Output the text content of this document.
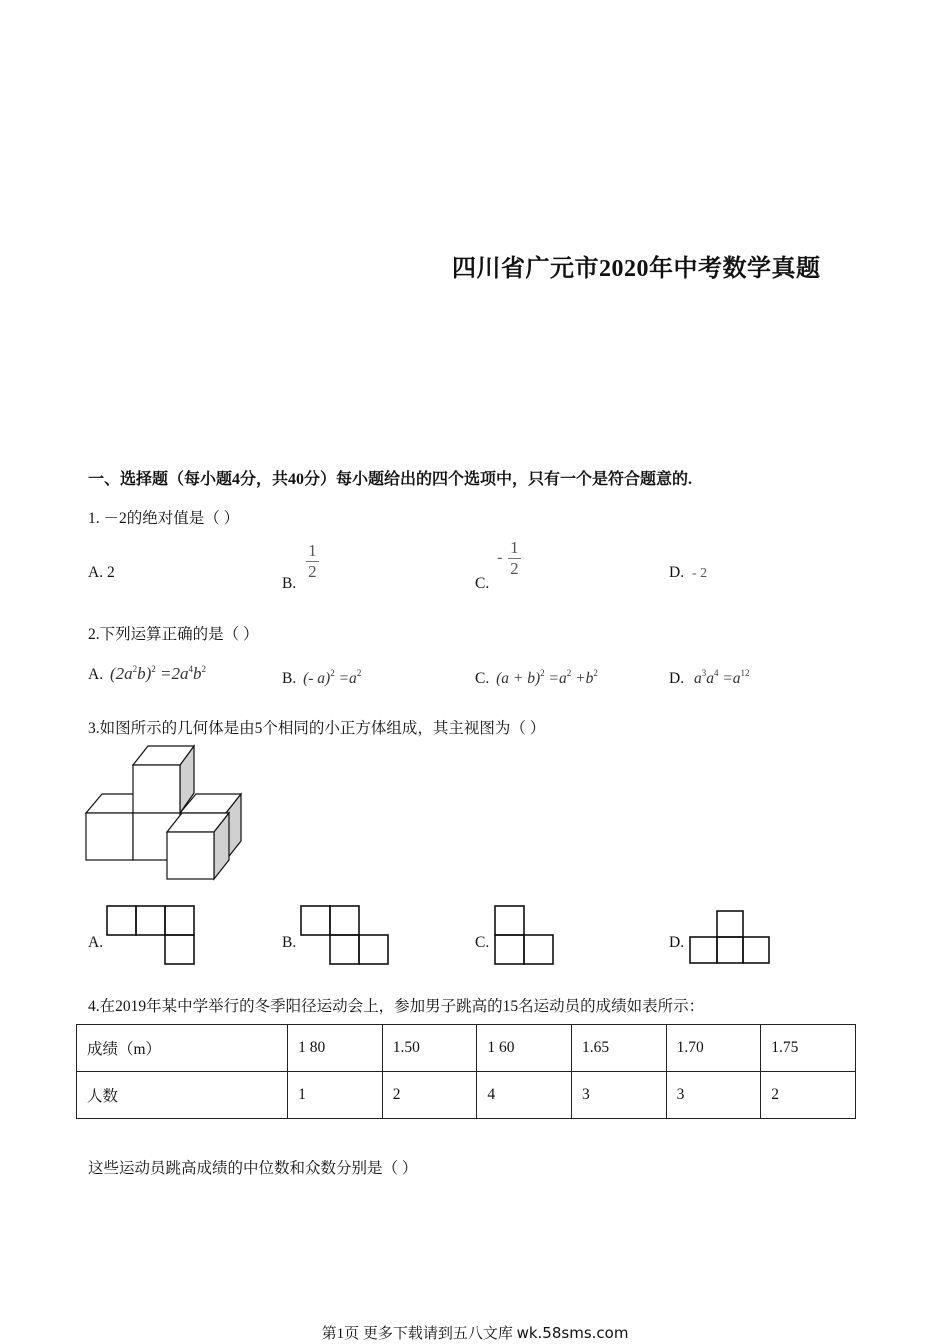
四川省广元市2020年中考数学真题
一、选择题（每小题4分，共40分）每小题给出的四个选项中，只有一个是符合题意的.
1. －2的绝对值是（ ）
A. 2
B.
$\frac{1}{2}$
C. - $\frac{1}{2}$	D. - 2
2.下列运算正确的是（ ）
A. $(2a^2b)^2 =2a^4b^2$
B. (- $a)^2 =a^2$	C. $(a + b)^2 =a^2 +b^2$	D. $a^3a^4 =a^{12}$
3.如图所示的几何体是由5个相同的小正方体组成，其主视图为（ ）
A.	B.	C.	D.
4.在2019年某中学举行的冬季阳径运动会上，参加男子跳高的15名运动员的成绩如表所示：
成绩（m）	1 80	1.50	1 60	1.65	1.70	1.75
人数	1	2	4	3	3	2
这些运动员跳高成绩的中位数和众数分别是（ ）
第1页 更多下载请到五八文库 wk.58sms.com
